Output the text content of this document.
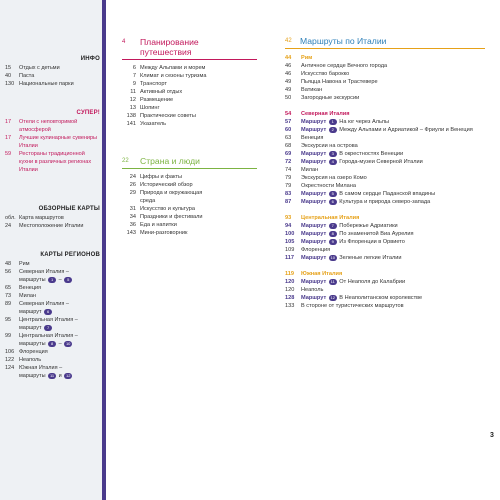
ИНФО
15	Отдых с детьми
40	Паста
130 Национальные парки
СУПЕР!
17	Отели с неповторимой атмосферой
17	Лучшие кулинарные сувениры Италии
59	Рестораны традиционной кухни в различных регионах Италии
ОБЗОРНЫЕ КАРТЫ
обл. Карта маршрутов
24	Местоположение Италии
КАРТЫ РЕГИОНОВ
48	Рим
56	Северная Италия –
маршруты 1 – 5
65	Венеция
73	Милан
89	Северная Италия –
маршрут 6
95	Центральная Италия –
маршрут 7
99	Центральная Италия –
маршруты 8 – 10
106 Флоренция
122 Неаполь
124 Южная Италия –
маршруты 11 и 12
4	Планирование
путешествия
6 Между Альпами и морем
7 Климат и сезоны туризма
9 Транспорт
11 Активный отдых
12 Размещение
13 Шопинг
138 Практические советы
141 Указатель
22	Страна и люди
24 Цифры и факты
26 Исторический обзор
29 Природа и окружающая
среда
31 Искусство и культура
34 Праздники и фестивали
36 Еда и напитки
143 Мини-разговорник
42 Маршруты по Италии
44	Рим
46	Античное сердце Вечного города
46	Искусство барокко
49	Пьяцца Навона и Трастевере
49	Ватикан
50	Загородные экскурсии
54	Северная Италия
57	Маршрут 1 На юг через Альпы
60	Маршрут 2 Между Альпами и Адриатикой – Фриули и Венеция
63	Венеция
68	Экскурсии на острова
69	Маршрут 3 В окрестностях Венеции
72	Маршрут 4 Города-музеи Северной Италии
74	Милан
79	Экскурсия на озеро Комо
79	Окрестности Милана
83	Маршрут 5 В самом сердце Паданской впадины
87	Маршрут 6 Культура и природа северо-запада
93	Центральная Италия
94	Маршрут 7 Побережье Адриатики
100	Маршрут 8 По знаменитой Виа Аурелия
105	Маршрут 9 Из Флоренции в Орвието
109	Флоренция
117	Маршрут 10 Зеленые легкие Италии
119	Южная Италия
120	Маршрут 11 От Неаполя до Калабрии
120	Неаполь
128	Маршрут 12 В Неаполитанском королевстве
133	В стороне от туристических маршрутов
3
